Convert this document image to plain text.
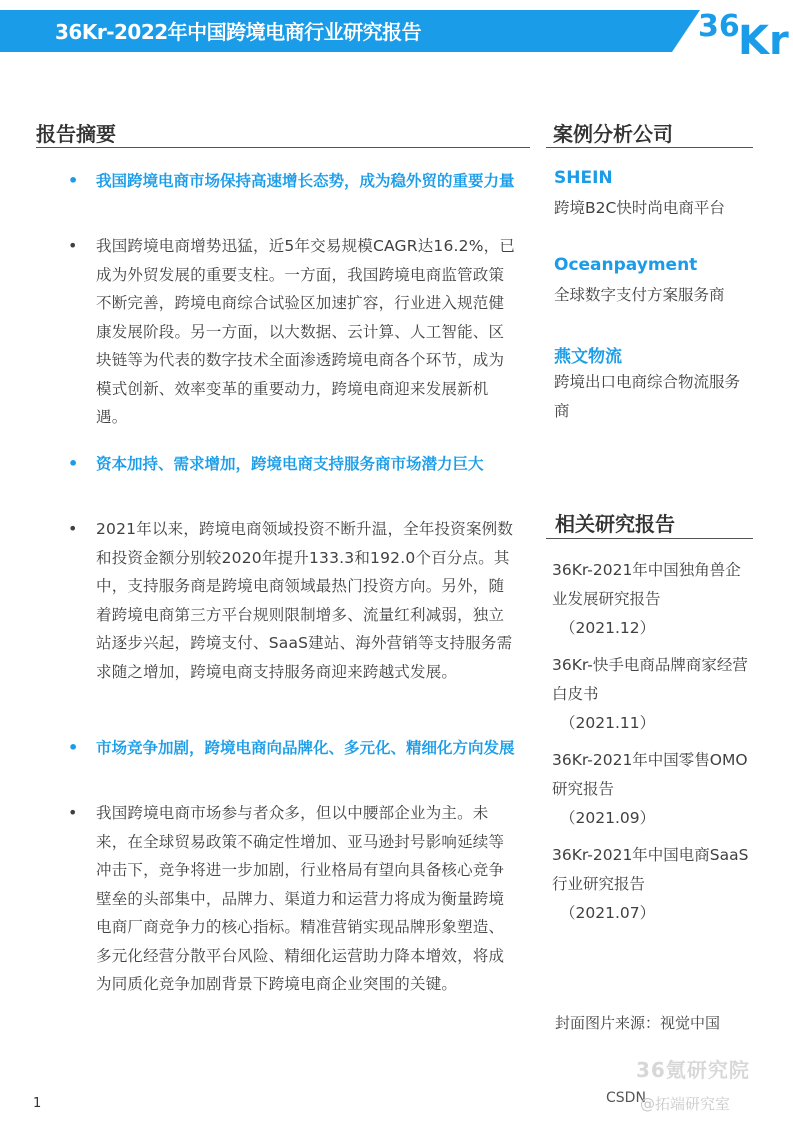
36Kr-2022年中国跨境电商行业研究报告	36
Kr
报告摘要
•
•
•
•
•
•
我国跨境电商市场保持高速增长态势，成为稳外贸的重要力量
我国跨境电商增势迅猛，近5年交易规模CAGR达16.2%，已成为外贸发展的重要支柱。一方面，我国跨境电商监管政策不断完善，跨境电商综合试验区加速扩容，行业进入规范健康发展阶段。另一方面，以大数据、云计算、人工智能、区块链等为代表的数字技术全面渗透跨境电商各个环节，成为模式创新、效率变革的重要动力，跨境电商迎来发展新机遇。
资本加持、需求增加，跨境电商支持服务商市场潜力巨大
2021年以来，跨境电商领域投资不断升温，全年投资案例数和投资金额分别较2020年提升133.3和192.0个百分点。其中，支持服务商是跨境电商领域最热门投资方向。另外，随着跨境电商第三方平台规则限制增多、流量红利减弱，独立站逐步兴起，跨境支付、SaaS建站、海外营销等支持服务需求随之增加，跨境电商支持服务商迎来跨越式发展。
市场竞争加剧，跨境电商向品牌化、多元化、精细化方向发展
我国跨境电商市场参与者众多，但以中腰部企业为主。未来，在全球贸易政策不确定性增加、亚马逊封号影响延续等冲击下，竞争将进一步加剧，行业格局有望向具备核心竞争壁垒的头部集中，品牌力、渠道力和运营力将成为衡量跨境电商厂商竞争力的核心指标。精准营销实现品牌形象塑造、多元化经营分散平台风险、精细化运营助力降本增效，将成为同质化竞争加剧背景下跨境电商企业突围的关键。
案例分析公司
SHEIN
跨境B2C快时尚电商平台
Oceanpayment
全球数字支付方案服务商
燕文物流
跨境出口电商综合物流服务商
相关研究报告
36Kr-2021年中国独角兽企业发展研究报告
（2021.12）
36Kr-快手电商品牌商家经营白皮书
（2021.11）
36Kr-2021年中国零售OMO研究报告
（2021.09）
36Kr-2021年中国电商SaaS行业研究报告
（2021.07）
封面图片来源：视觉中国
1
36氪研究院
CSDN
@拓端研究室
